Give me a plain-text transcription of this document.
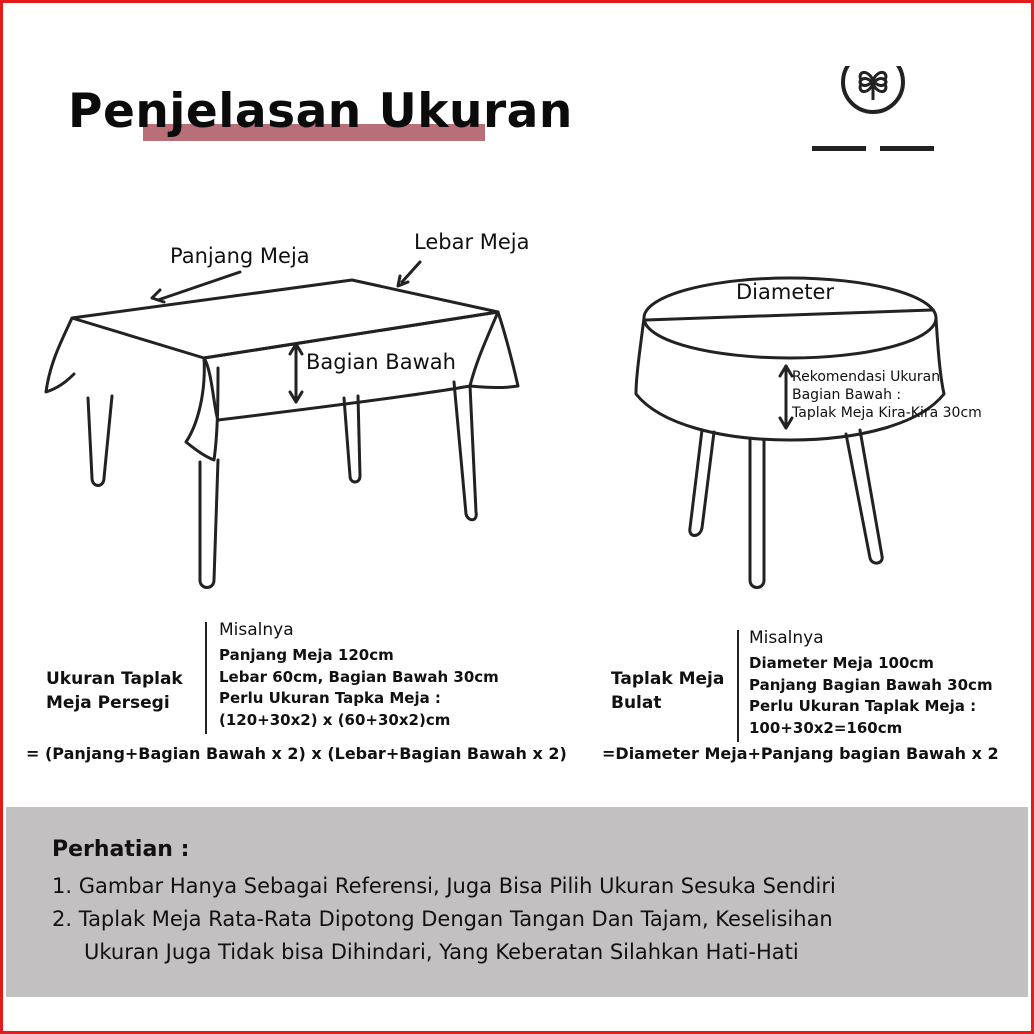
Penjelasan Ukuran
Panjang Meja
Lebar Meja
Bagian Bawah
Diameter
Rekomendasi Ukuran
Bagian Bawah :
Taplak Meja Kira-Kira 30cm
Ukuran Taplak
Meja Persegi
Misalnya
Panjang Meja 120cm
Lebar 60cm, Bagian Bawah 30cm
Perlu Ukuran Tapka Meja :
(120+30x2) x (60+30x2)cm
= (Panjang+Bagian Bawah x 2) x (Lebar+Bagian Bawah x 2)
Taplak Meja
Bulat
Misalnya
Diameter Meja 100cm
Panjang Bagian Bawah 30cm
Perlu Ukuran Taplak Meja :
100+30x2=160cm
=Diameter Meja+Panjang bagian Bawah x 2
Perhatian :
1. Gambar Hanya Sebagai Referensi, Juga Bisa Pilih Ukuran Sesuka Sendiri
2. Taplak Meja Rata-Rata Dipotong Dengan Tangan Dan Tajam, Keselisihan
Ukuran Juga Tidak bisa Dihindari, Yang Keberatan Silahkan Hati-Hati
